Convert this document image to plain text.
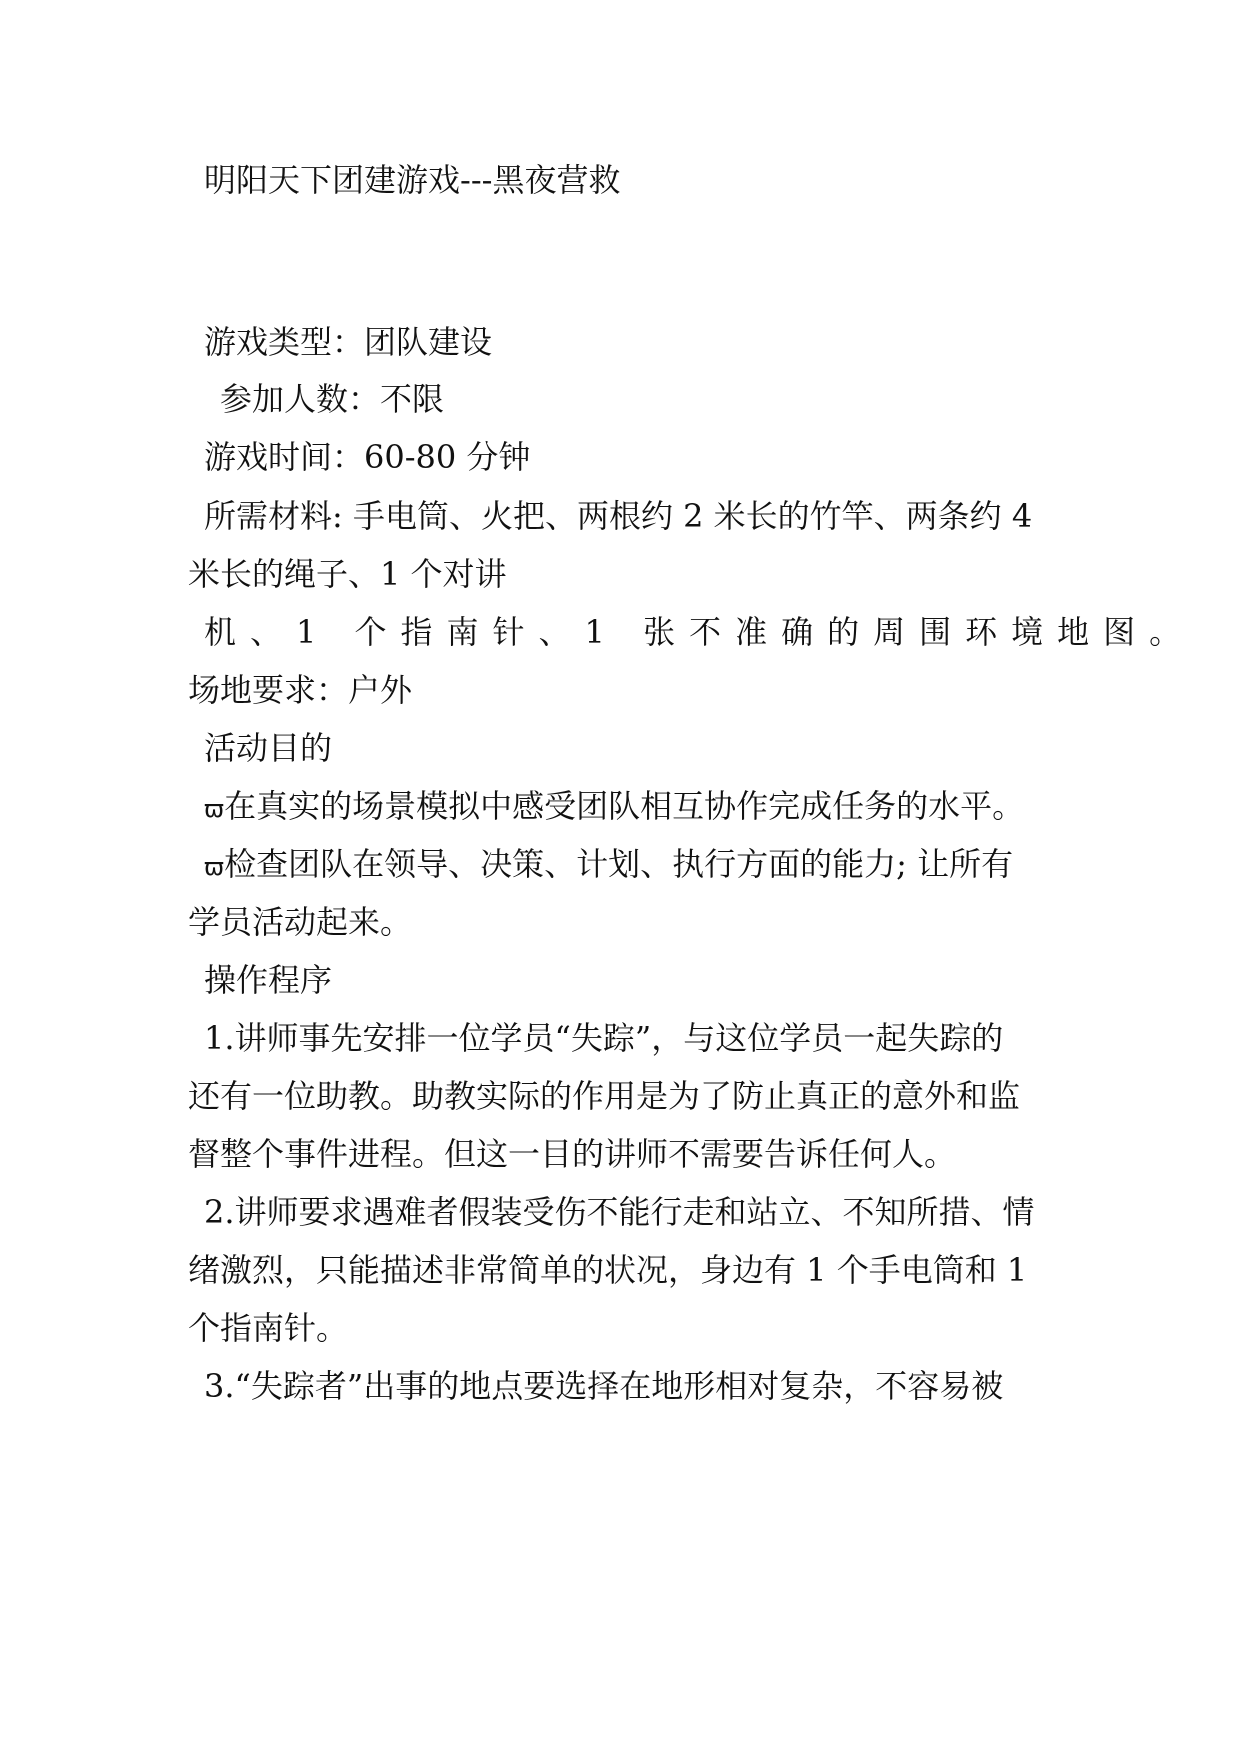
明阳天下团建游戏---黑夜营救
游戏类型：团队建设
参加人数：不限
游戏时间：60-80 分钟
所需材料: 手电筒、火把、两根约 2 米长的竹竿、两条约 4
米长的绳子、1 个对讲
机、1 个指南针、1 张不准确的周围环境地图。
场地要求：户外
活动目的
ϖ在真实的场景模拟中感受团队相互协作完成任务的水平。
ϖ检查团队在领导、决策、计划、执行方面的能力; 让所有
学员活动起来。
操作程序
1.讲师事先安排一位学员“失踪”，与这位学员一起失踪的
还有一位助教。助教实际的作用是为了防止真正的意外和监
督整个事件进程。但这一目的讲师不需要告诉任何人。
2.讲师要求遇难者假装受伤不能行走和站立、不知所措、情
绪激烈，只能描述非常简单的状况，身边有 1 个手电筒和 1
个指南针。
3.“失踪者”出事的地点要选择在地形相对复杂，不容易被
